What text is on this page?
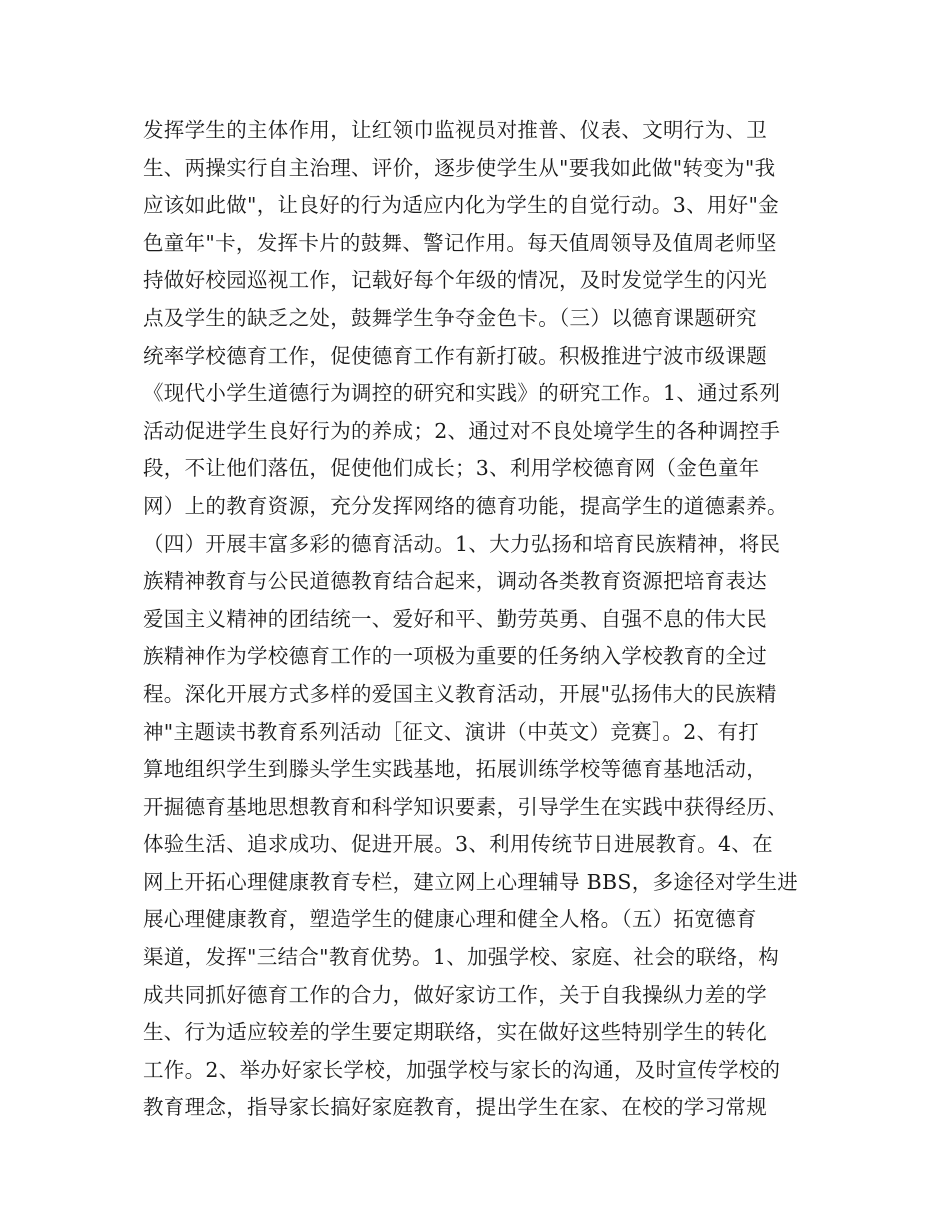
发挥学生的主体作用，让红领巾监视员对推普、仪表、文明行为、卫
生、两操实行自主治理、评价，逐步使学生从"要我如此做"转变为"我
应该如此做"，让良好的行为适应内化为学生的自觉行动。3、用好"金
色童年"卡，发挥卡片的鼓舞、警记作用。每天值周领导及值周老师坚
持做好校园巡视工作，记载好每个年级的情况，及时发觉学生的闪光
点及学生的缺乏之处，鼓舞学生争夺金色卡。（三）以德育课题研究
统率学校德育工作，促使德育工作有新打破。积极推进宁波市级课题
《现代小学生道德行为调控的研究和实践》的研究工作。1、通过系列
活动促进学生良好行为的养成；2、通过对不良处境学生的各种调控手
段，不让他们落伍，促使他们成长；3、利用学校德育网（金色童年
网）上的教育资源，充分发挥网络的德育功能，提高学生的道德素养。
（四）开展丰富多彩的德育活动。1、大力弘扬和培育民族精神，将民
族精神教育与公民道德教育结合起来，调动各类教育资源把培育表达
爱国主义精神的团结统一、爱好和平、勤劳英勇、自强不息的伟大民
族精神作为学校德育工作的一项极为重要的任务纳入学校教育的全过
程。深化开展方式多样的爱国主义教育活动，开展"弘扬伟大的民族精
神"主题读书教育系列活动［征文、演讲（中英文）竞赛］。2、有打
算地组织学生到滕头学生实践基地，拓展训练学校等德育基地活动，
开掘德育基地思想教育和科学知识要素，引导学生在实践中获得经历、
体验生活、追求成功、促进开展。3、利用传统节日进展教育。4、在
网上开拓心理健康教育专栏，建立网上心理辅导 BBS，多途径对学生进
展心理健康教育，塑造学生的健康心理和健全人格。（五）拓宽德育
渠道，发挥"三结合"教育优势。1、加强学校、家庭、社会的联络，构
成共同抓好德育工作的合力，做好家访工作，关于自我操纵力差的学
生、行为适应较差的学生要定期联络，实在做好这些特别学生的转化
工作。2、举办好家长学校，加强学校与家长的沟通，及时宣传学校的
教育理念，指导家长搞好家庭教育，提出学生在家、在校的学习常规
